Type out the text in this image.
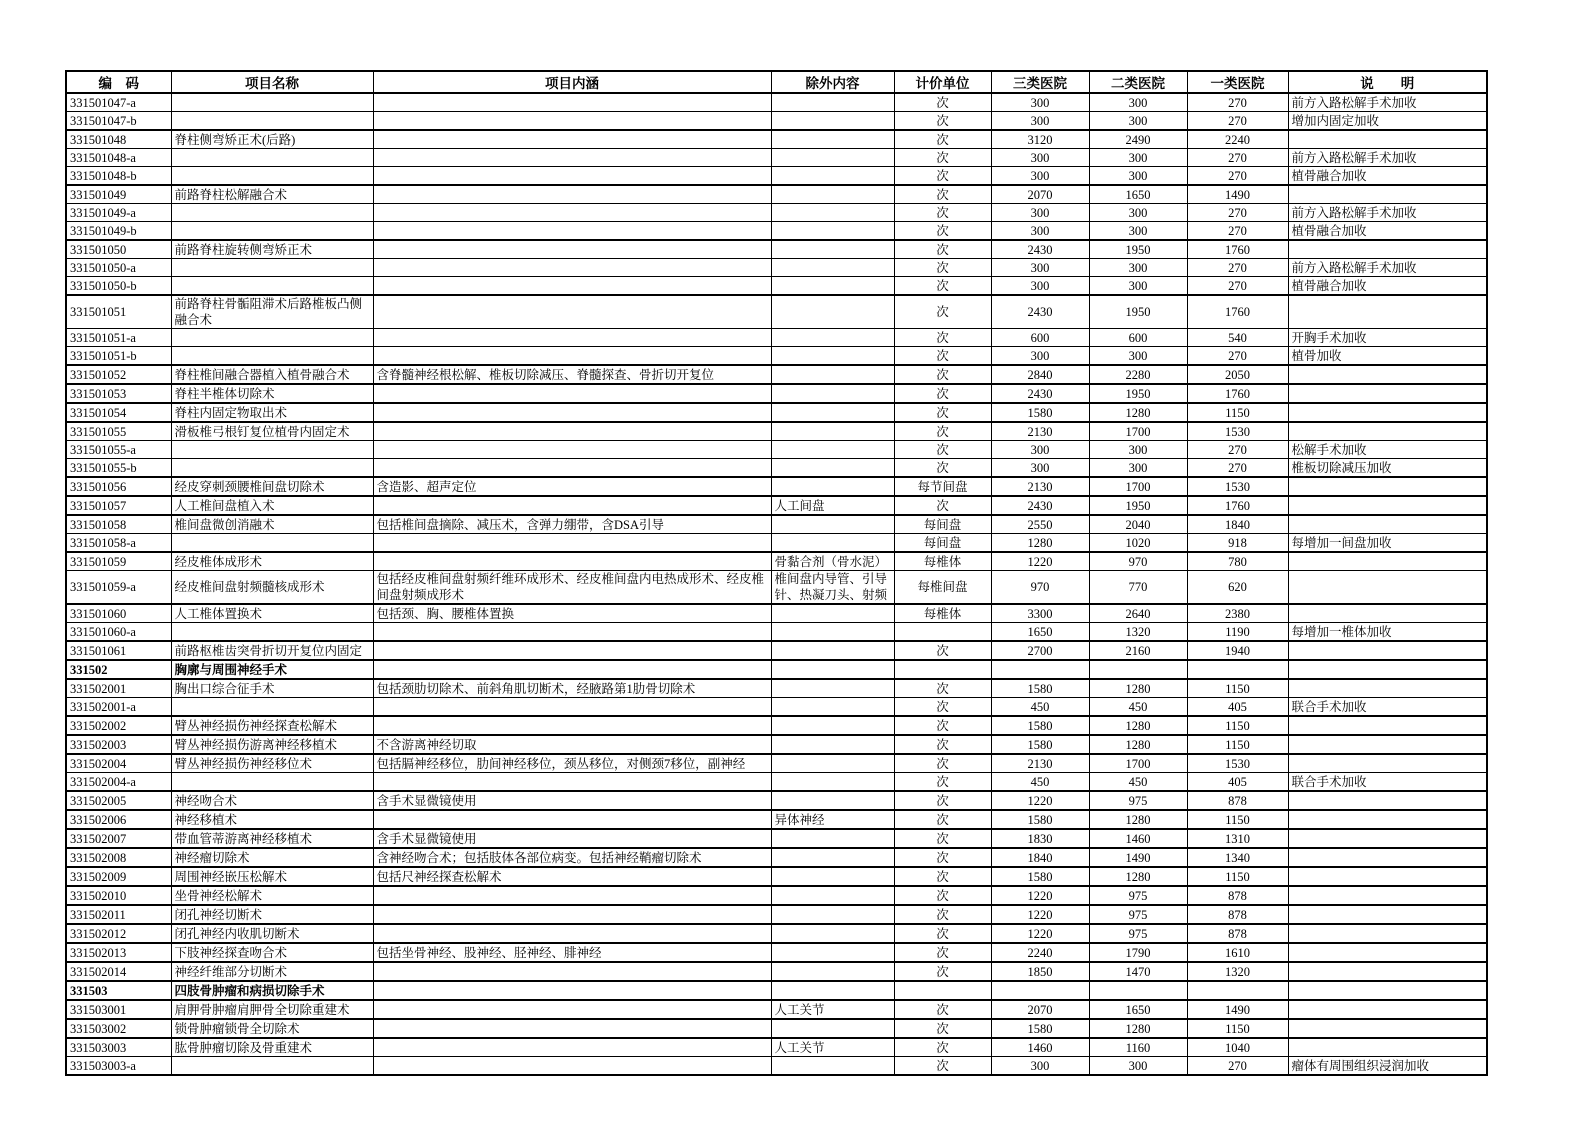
编    码	项目名称	项目内涵	除外内容	计价单位	三类医院	二类医院	一类医院	说        明
331501047-a				次	300	300	270	前方入路松解手术加收
331501047-b				次	300	300	270	增加内固定加收
331501048	脊柱侧弯矫正术(后路)			次	3120	2490	2240	
331501048-a				次	300	300	270	前方入路松解手术加收
331501048-b				次	300	300	270	植骨融合加收
331501049	前路脊柱松解融合术			次	2070	1650	1490	
331501049-a				次	300	300	270	前方入路松解手术加收
331501049-b				次	300	300	270	植骨融合加收
331501050	前路脊柱旋转侧弯矫正术			次	2430	1950	1760	
331501050-a				次	300	300	270	前方入路松解手术加收
331501050-b				次	300	300	270	植骨融合加收
331501051	前路脊柱骨骺阻滞术后路椎板凸侧融合术			次	2430	1950	1760	
331501051-a				次	600	600	540	开胸手术加收
331501051-b				次	300	300	270	植骨加收
331501052	脊柱椎间融合器植入植骨融合术	含脊髓神经根松解、椎板切除减压、脊髓探查、骨折切开复位		次	2840	2280	2050	
331501053	脊柱半椎体切除术			次	2430	1950	1760	
331501054	脊柱内固定物取出术			次	1580	1280	1150	
331501055	滑板椎弓根钉复位植骨内固定术			次	2130	1700	1530	
331501055-a				次	300	300	270	松解手术加收
331501055-b				次	300	300	270	椎板切除减压加收
331501056	经皮穿刺颈腰椎间盘切除术	含造影、超声定位		每节间盘	2130	1700	1530	
331501057	人工椎间盘植入术		人工间盘	次	2430	1950	1760	
331501058	椎间盘微创消融术	包括椎间盘摘除、减压术，含弹力绷带，含DSA引导		每间盘	2550	2040	1840	
331501058-a				每间盘	1280	1020	918	每增加一间盘加收
331501059	经皮椎体成形术		骨黏合剂（骨水泥）	每椎体	1220	970	780	
331501059-a	经皮椎间盘射频髓核成形术	包括经皮椎间盘射频纤维环成形术、经皮椎间盘内电热成形术、经皮椎间盘射频成形术	椎间盘内导管、引导针、热凝刀头、射频	每椎间盘	970	770	620	
331501060	人工椎体置换术	包括颈、胸、腰椎体置换		每椎体	3300	2640	2380	
331501060-a					1650	1320	1190	每增加一椎体加收
331501061	前路枢椎齿突骨折切开复位内固定			次	2700	2160	1940	
331502	胸廓与周围神经手术							
331502001	胸出口综合征手术	包括颈肋切除术、前斜角肌切断术，经腋路第1肋骨切除术		次	1580	1280	1150	
331502001-a				次	450	450	405	联合手术加收
331502002	臂丛神经损伤神经探查松解术			次	1580	1280	1150	
331502003	臂丛神经损伤游离神经移植术	不含游离神经切取		次	1580	1280	1150	
331502004	臂丛神经损伤神经移位术	包括膈神经移位，肋间神经移位，颈丛移位，对侧颈7移位，副神经		次	2130	1700	1530	
331502004-a				次	450	450	405	联合手术加收
331502005	神经吻合术	含手术显微镜使用		次	1220	975	878	
331502006	神经移植术		异体神经	次	1580	1280	1150	
331502007	带血管蒂游离神经移植术	含手术显微镜使用		次	1830	1460	1310	
331502008	神经瘤切除术	含神经吻合术；包括肢体各部位病变。包括神经鞘瘤切除术		次	1840	1490	1340	
331502009	周围神经嵌压松解术	包括尺神经探查松解术		次	1580	1280	1150	
331502010	坐骨神经松解术			次	1220	975	878	
331502011	闭孔神经切断术			次	1220	975	878	
331502012	闭孔神经内收肌切断术			次	1220	975	878	
331502013	下肢神经探查吻合术	包括坐骨神经、股神经、胫神经、腓神经		次	2240	1790	1610	
331502014	神经纤维部分切断术			次	1850	1470	1320	
331503	四肢骨肿瘤和病损切除手术							
331503001	肩胛骨肿瘤肩胛骨全切除重建术		人工关节	次	2070	1650	1490	
331503002	锁骨肿瘤锁骨全切除术			次	1580	1280	1150	
331503003	肱骨肿瘤切除及骨重建术		人工关节	次	1460	1160	1040	
331503003-a				次	300	300	270	瘤体有周围组织浸润加收
